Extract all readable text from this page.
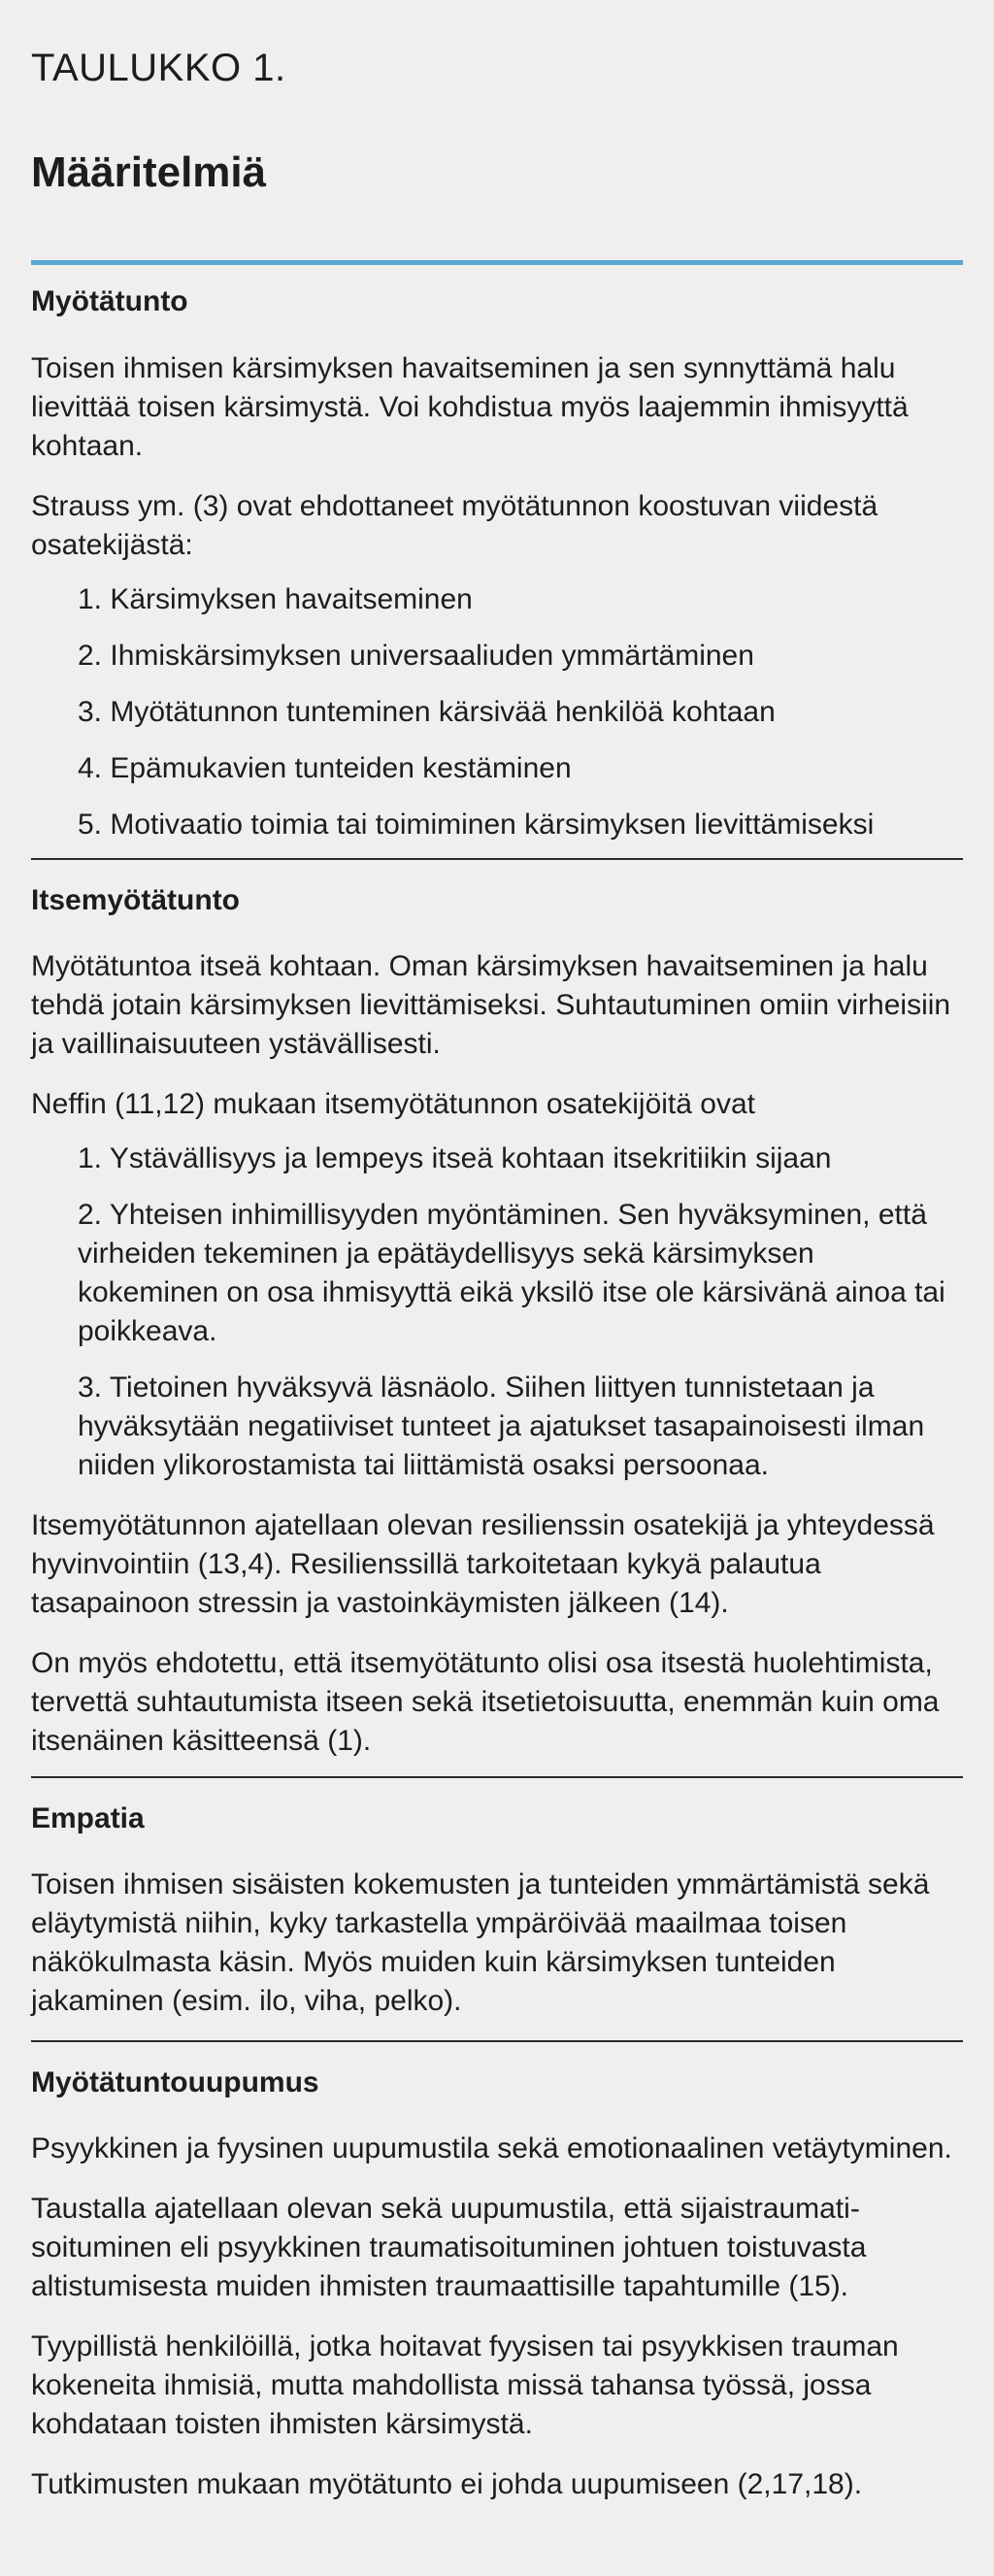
TAULUKKO 1.
Määritelmiä
Myötätunto

Toisen ihmisen kärsimyksen havaitseminen ja sen synnyttämä halu lievittää toisen kärsimystä. Voi kohdistua myös laajemmin ihmisyyttä kohtaan.

Strauss ym. (3) ovat ehdottaneet myötätunnon koostuvan viidestä osatekijästä:

1. Kärsimyksen havaitseminen
2. Ihmiskärsimyksen universaaliuden ymmärtäminen
3. Myötätunnon tunteminen kärsivää henkilöä kohtaan
4. Epämukavien tunteiden kestäminen
5. Motivaatio toimia tai toimiminen kärsimyksen lievittämiseksi
Itsemyötätunto

Myötätuntoa itseä kohtaan. Oman kärsimyksen havaitseminen ja halu tehdä jotain kärsimyksen lievittämiseksi. Suhtautuminen omiin virheisiin ja vaillinaisuuteen ystävällisesti.

Neffin (11,12) mukaan itsemyötätunnon osatekijöitä ovat

1. Ystävällisyys ja lempeys itseä kohtaan itsekritiikin sijaan
2. Yhteisen inhimillisyyden myöntäminen. Sen hyväksyminen, että virheiden tekeminen ja epätäydellisyys sekä kärsimyksen kokeminen on osa ihmisyyttä eikä yksilö itse ole kärsivänä ainoa tai poikkeava.
3. Tietoinen hyväksyvä läsnäolo. Siihen liittyen tunnistetaan ja hyväksytään negatiiviset tunteet ja ajatukset tasapainoisesti ilman niiden ylikorostamista tai liittämistä osaksi persoonaa.

Itsemyötätunnon ajatellaan olevan resilienssin osatekijä ja yhteydessä hyvinvointiin (13,4). Resilienssillä tarkoitetaan kykyä palautua tasapainoon stressin ja vastoinkäymisten jälkeen (14).

On myös ehdotettu, että itsemyötätunto olisi osa itsestä huolehtimista, tervettä suhtautumista itseen sekä itsetietoisuutta, enemmän kuin oma itsenäinen käsitteensä (1).

Empatia

Toisen ihmisen sisäisten kokemusten ja tunteiden ymmärtämistä sekä eläytymistä niihin, kyky tarkastella ympäröivää maailmaa toisen näkökulmasta käsin. Myös muiden kuin kärsimyksen tunteiden jakaminen (esim. ilo, viha, pelko).

Myötätuntouupumus

Psyykkinen ja fyysinen uupumustila sekä emotionaalinen vetäytyminen.

Taustalla ajatellaan olevan sekä uupumustila, että sijaistraumatisoituminen eli psyykkinen traumatisoituminen johtuen toistuvasta altistumisesta muiden ihmisten traumaattisille tapahtumille (15).

Tyypillistä henkilöillä, jotka hoitavat fyysisen tai psyykkisen trauman kokeneita ihmisiä, mutta mahdollista missä tahansa työssä, jossa kohdataan toisten ihmisten kärsimystä.

Tutkimusten mukaan myötätunto ei johda uupumiseen (2,17,18).
